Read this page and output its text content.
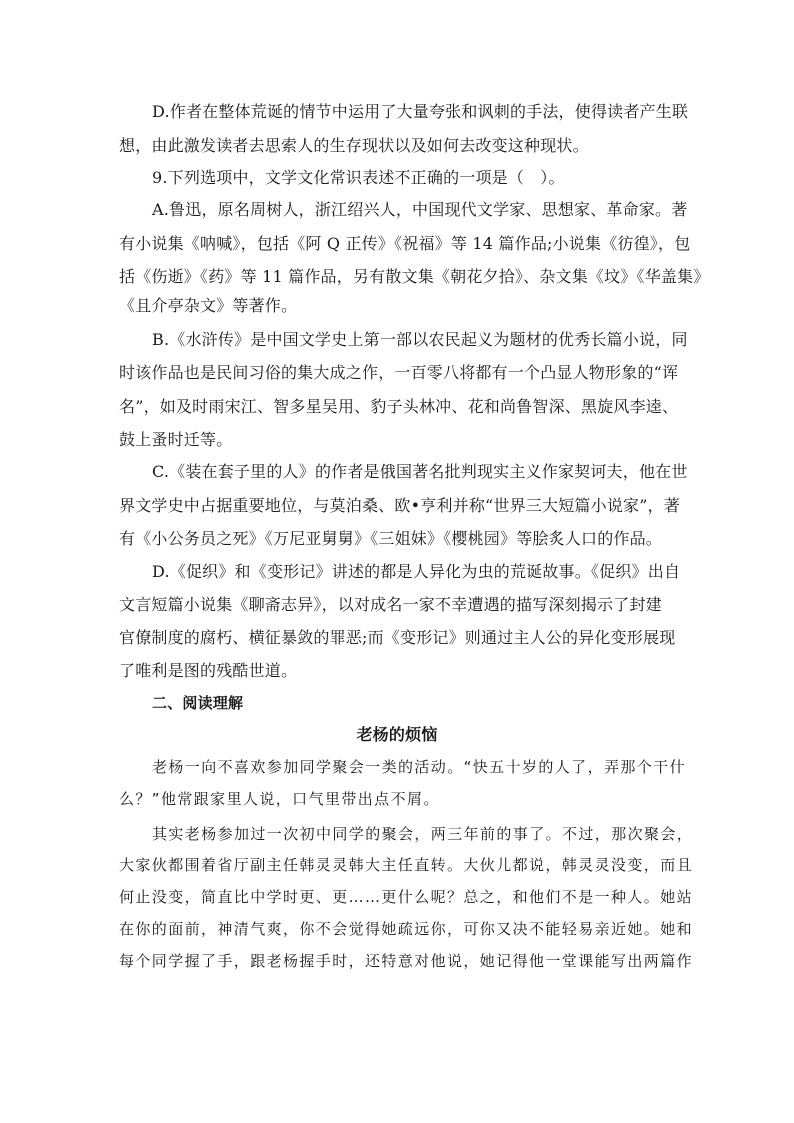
D.作者在整体荒诞的情节中运用了大量夸张和讽刺的手法，使得读者产生联
想，由此激发读者去思索人的生存现状以及如何去改变这种现状。
9.下列选项中，文学文化常识表述不正确的一项是（　）。
A.鲁迅，原名周树人，浙江绍兴人，中国现代文学家、思想家、革命家。著
有小说集《呐喊》，包括《阿 Q 正传》《祝福》等 14 篇作品;小说集《彷徨》，包
括《伤逝》《药》等 11 篇作品，另有散文集《朝花夕拾》、杂文集《坟》《华盖集》
《且介亭杂文》等著作。
B.《水浒传》是中国文学史上第一部以农民起义为题材的优秀长篇小说，同
时该作品也是民间习俗的集大成之作，一百零八将都有一个凸显人物形象的“诨
名”，如及时雨宋江、智多星吴用、豹子头林冲、花和尚鲁智深、黑旋风李逵、
鼓上蚤时迁等。
C.《装在套子里的人》的作者是俄国著名批判现实主义作家契诃夫，他在世
界文学史中占据重要地位，与莫泊桑、欧•亨利并称“世界三大短篇小说家”，著
有《小公务员之死》《万尼亚舅舅》《三姐妹》《樱桃园》等脍炙人口的作品。
D.《促织》和《变形记》讲述的都是人异化为虫的荒诞故事。《促织》出自
文言短篇小说集《聊斋志异》，以对成名一家不幸遭遇的描写深刻揭示了封建
官僚制度的腐朽、横征暴敛的罪恶;而《变形记》则通过主人公的异化变形展现
了唯利是图的残酷世道。
二、阅读理解
老杨的烦恼
老杨一向不喜欢参加同学聚会一类的活动。“快五十岁的人了，弄那个干什
么？”他常跟家里人说，口气里带出点不屑。
其实老杨参加过一次初中同学的聚会，两三年前的事了。不过，那次聚会，
大家伙都围着省厅副主任韩灵灵韩大主任直转。大伙儿都说，韩灵灵没变，而且
何止没变，简直比中学时更、更……更什么呢？总之，和他们不是一种人。她站
在你的面前，神清气爽，你不会觉得她疏远你，可你又决不能轻易亲近她。她和
每个同学握了手，跟老杨握手时，还特意对他说，她记得他一堂课能写出两篇作
